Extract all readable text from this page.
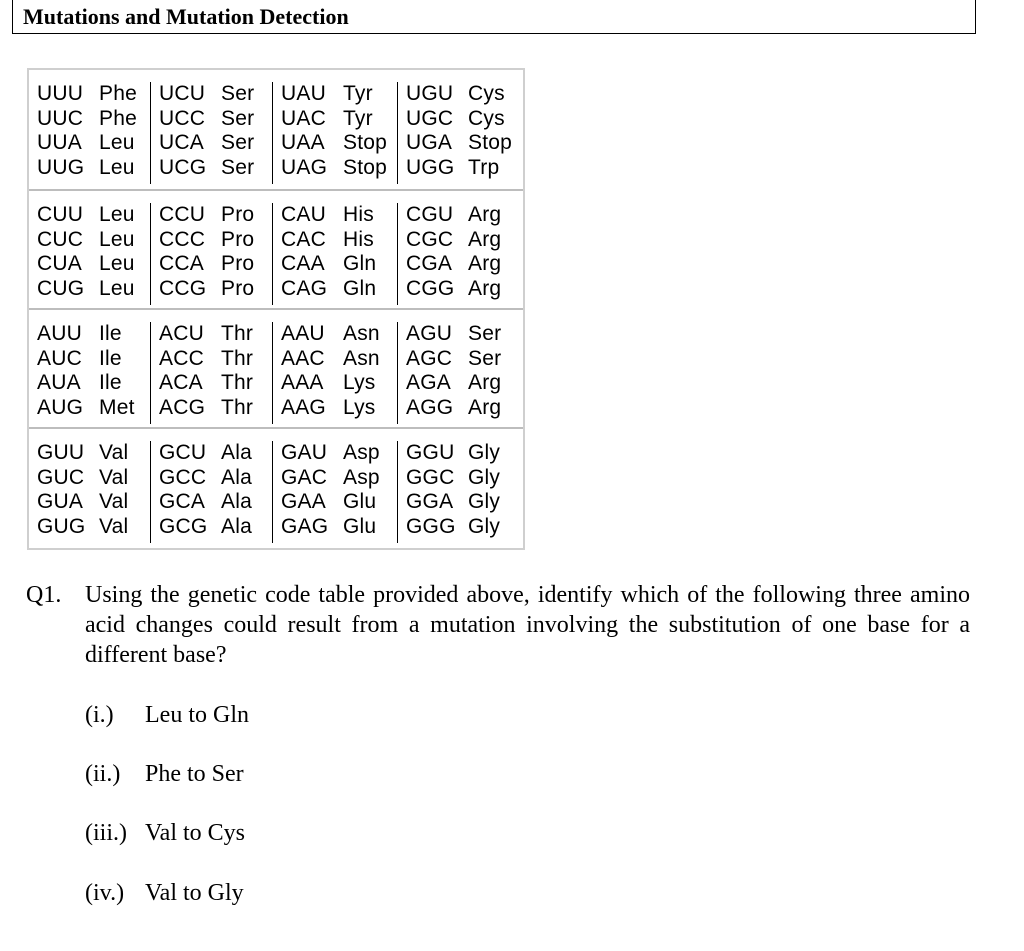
Mutations and Mutation Detection
UUU Phe
UUC Phe
UUA Leu
UUG Leu
UCU Ser
UCC Ser
UCA Ser
UCG Ser
UAU Tyr
UAC Tyr
UAA Stop
UAG Stop
UGU Cys
UGC Cys
UGA Stop
UGG Trp
CUU Leu
CUC Leu
CUA Leu
CUG Leu
CCU Pro
CCC Pro
CCA Pro
CCG Pro
CAU His
CAC His
CAA Gln
CAG Gln
CGU Arg
CGC Arg
CGA Arg
CGG Arg
AUU Ile
AUC Ile
AUA Ile
AUG Met
ACU Thr
ACC Thr
ACA Thr
ACG Thr
AAU Asn
AAC Asn
AAA Lys
AAG Lys
AGU Ser
AGC Ser
AGA Arg
AGG Arg
GUU Val
GUC Val
GUA Val
GUG Val
GCU Ala
GCC Ala
GCA Ala
GCG Ala
GAU Asp
GAC Asp
GAA Glu
GAG Glu
GGU Gly
GGC Gly
GGA Gly
GGG Gly
Q1. Using the genetic code table provided above, identify which of the following three amino acid changes could result from a mutation involving the substitution of one base for a different base?
(i.) Leu to Gln
(ii.) Phe to Ser
(iii.) Val to Cys
(iv.) Val to Gly
